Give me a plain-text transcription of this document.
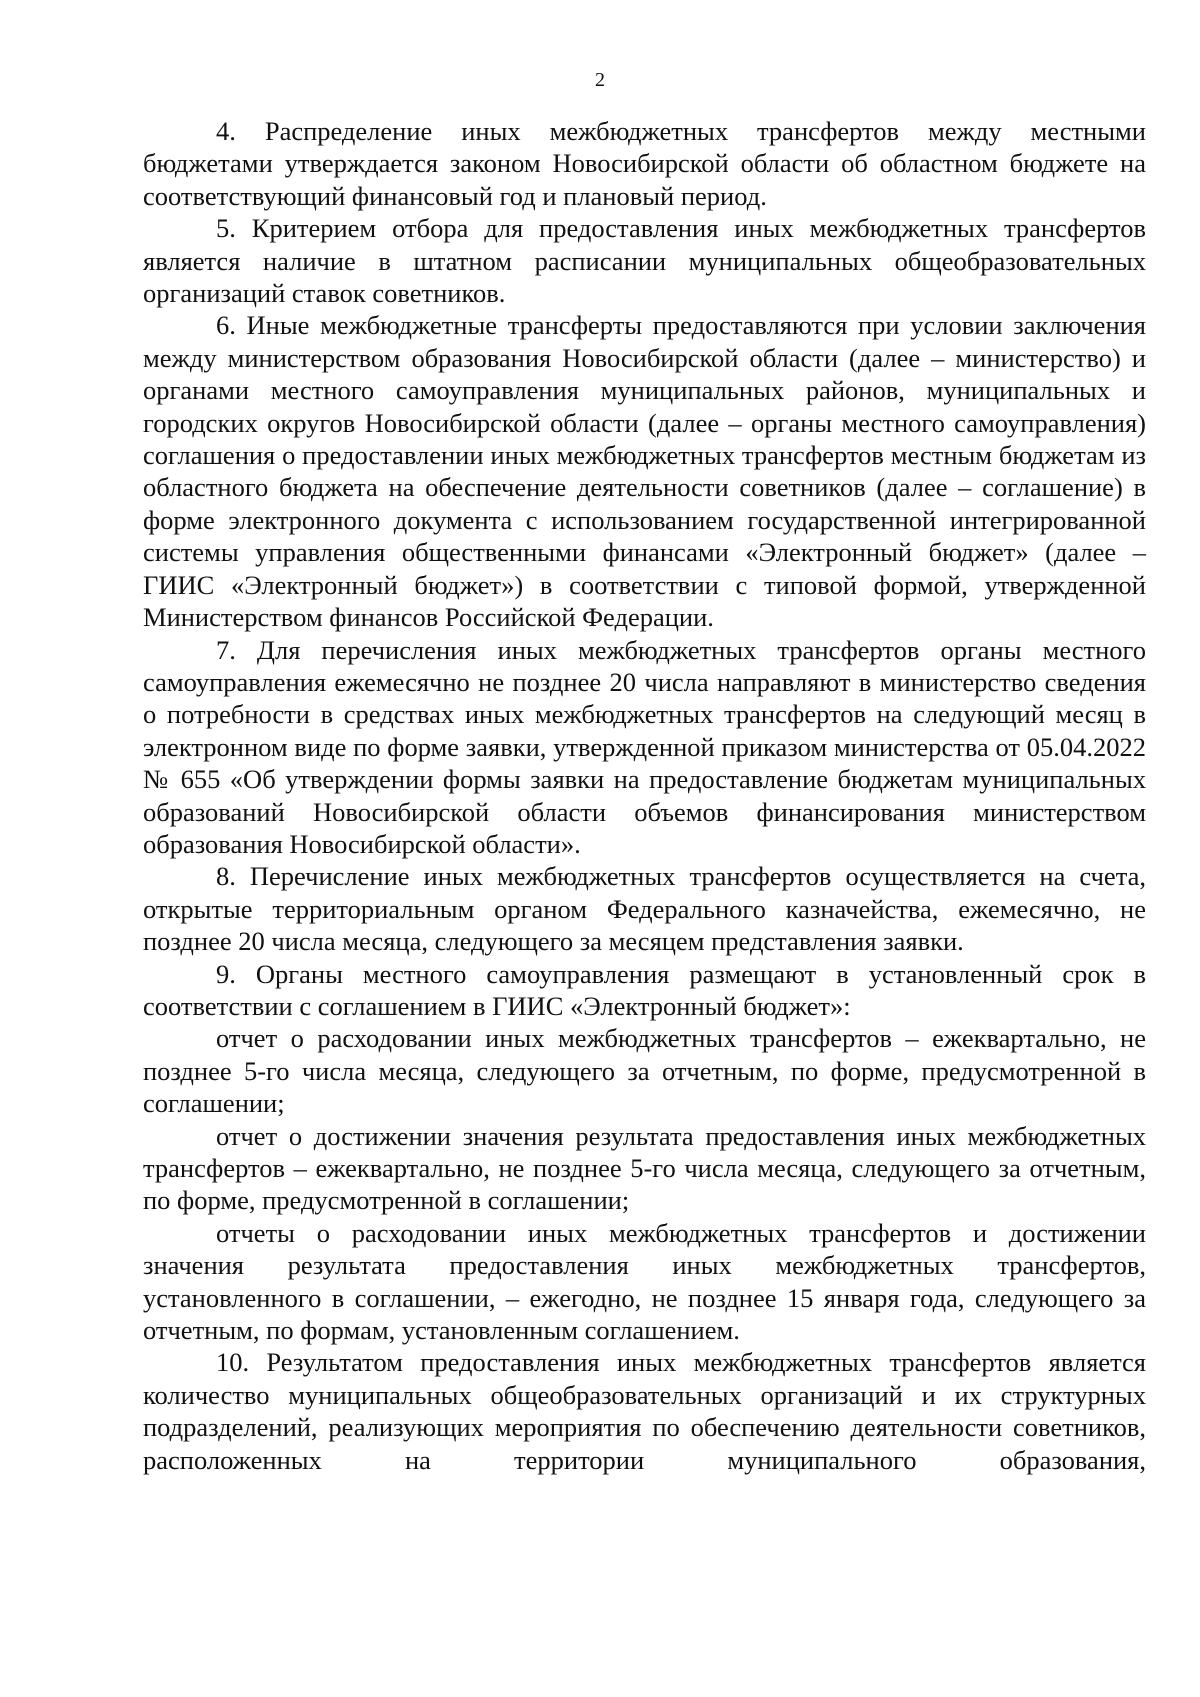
2

4. Распределение иных межбюджетных трансфертов между местными бюджетами утверждается законом Новосибирской области об областном бюджете на соответствующий финансовый год и плановый период.

5. Критерием отбора для предоставления иных межбюджетных трансфертов является наличие в штатном расписании муниципальных общеобразовательных организаций ставок советников.

6. Иные межбюджетные трансферты предоставляются при условии заключения между министерством образования Новосибирской области (далее – министерство) и органами местного самоуправления муниципальных районов, муниципальных и городских округов Новосибирской области (далее – органы местного самоуправления) соглашения о предоставлении иных межбюджетных трансфертов местным бюджетам из областного бюджета на обеспечение деятельности советников (далее – соглашение) в форме электронного документа с использованием государственной интегрированной системы управления общественными финансами «Электронный бюджет» (далее – ГИИС «Электронный бюджет») в соответствии с типовой формой, утвержденной Министерством финансов Российской Федерации.

7. Для перечисления иных межбюджетных трансфертов органы местного самоуправления ежемесячно не позднее 20 числа направляют в министерство сведения о потребности в средствах иных межбюджетных трансфертов на следующий месяц в электронном виде по форме заявки, утвержденной приказом министерства от 05.04.2022 № 655 «Об утверждении формы заявки на предоставление бюджетам муниципальных образований Новосибирской области объемов финансирования министерством образования Новосибирской области».

8. Перечисление иных межбюджетных трансфертов осуществляется на счета, открытые территориальным органом Федерального казначейства, ежемесячно, не позднее 20 числа месяца, следующего за месяцем представления заявки.

9. Органы местного самоуправления размещают в установленный срок в соответствии с соглашением в ГИИС «Электронный бюджет»:

отчет о расходовании иных межбюджетных трансфертов – ежеквартально, не позднее 5-го числа месяца, следующего за отчетным, по форме, предусмотренной в соглашении;

отчет о достижении значения результата предоставления иных межбюджетных трансфертов – ежеквартально, не позднее 5-го числа месяца, следующего за отчетным, по форме, предусмотренной в соглашении;

отчеты о расходовании иных межбюджетных трансфертов и достижении значения результата предоставления иных межбюджетных трансфертов, установленного в соглашении, – ежегодно, не позднее 15 января года, следующего за отчетным, по формам, установленным соглашением.

10. Результатом предоставления иных межбюджетных трансфертов является количество муниципальных общеобразовательных организаций и их структурных подразделений, реализующих мероприятия по обеспечению деятельности советников, расположенных на территории муниципального образования,
